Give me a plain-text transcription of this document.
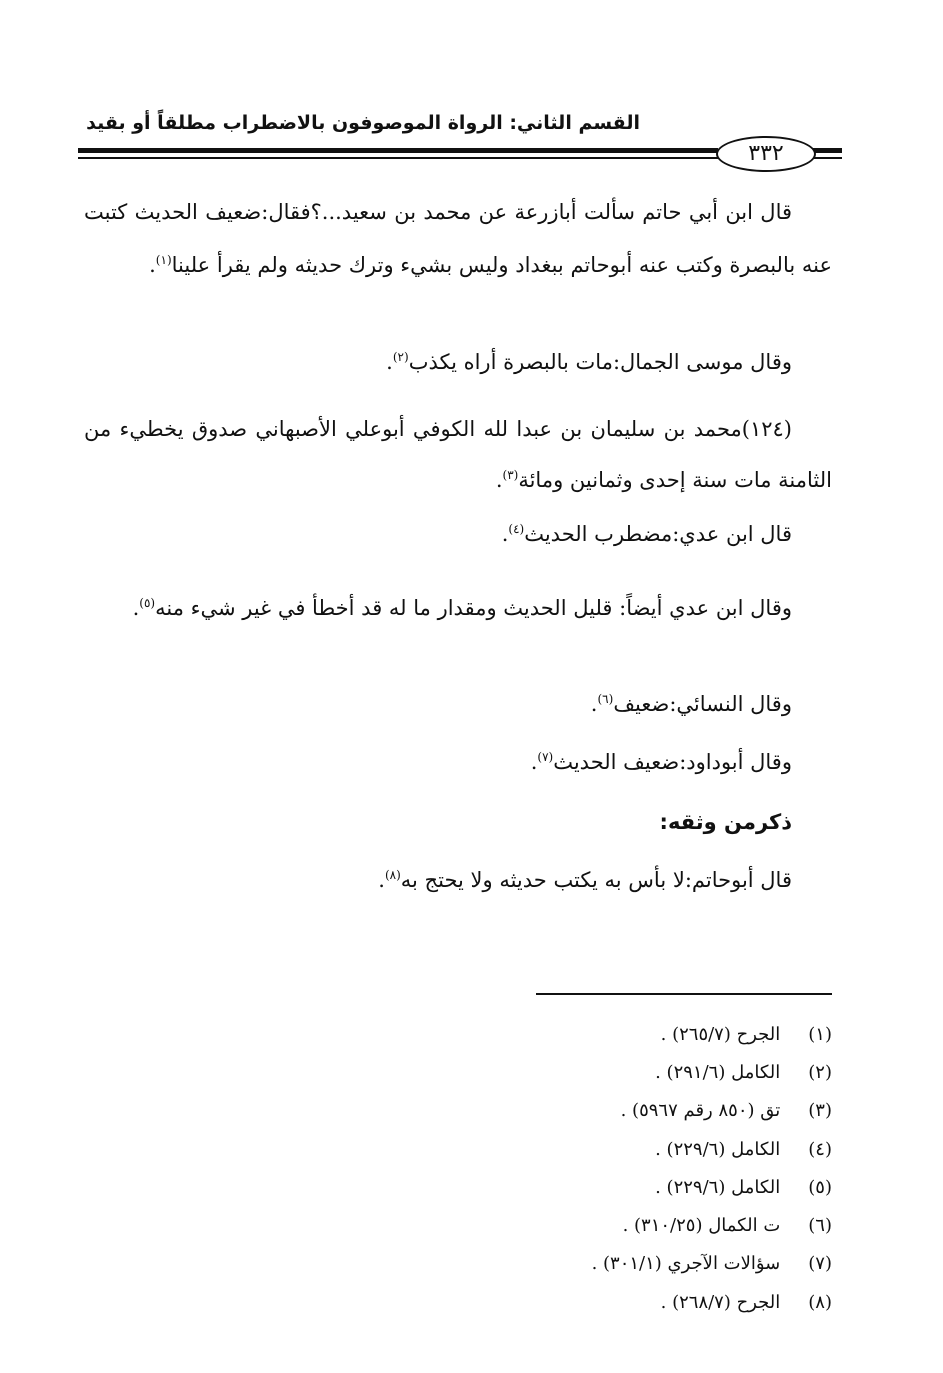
القسم الثاني: الرواة الموصوفون بالاضطراب مطلقاً أو بقيد
٣٣٢
قال ابن أبي حاتم سألت أبازرعة عن محمد بن سعيد...؟فقال:ضعيف الحديث كتبت عنه بالبصرة وكتب عنه أبوحاتم ببغداد وليس بشيء وترك حديثه ولم يقرأ علينا$^{(١)}$.
وقال موسى الجمال:مات بالبصرة أراه يكذب$^{(٢)}$.
(١٢٤)محمد بن سليمان بن عبدا لله الكوفي أبوعلي الأصبهاني صدوق يخطيء من الثامنة مات سنة إحدى وثمانين ومائة$^{(٣)}$.
قال ابن عدي:مضطرب الحديث$^{(٤)}$.
وقال ابن عدي أيضاً: قليل الحديث ومقدار ما له قد أخطأ في غير شيء منه$^{(٥)}$.
وقال النسائي:ضعيف$^{(٦)}$.
وقال أبوداود:ضعيف الحديث$^{(٧)}$.
ذكرمن وثقه:
قال أبوحاتم:لا بأس به يكتب حديثه ولا يحتج به$^{(٨)}$.
(١) الجرح (٢٦٥/٧) .
(٢) الكامل (٢٩١/٦) .
(٣) تق (٨٥٠ رقم ٥٩٦٧) .
(٤) الكامل (٢٢٩/٦) .
(٥) الكامل (٢٢٩/٦) .
(٦) ت الكمال (٣١٠/٢٥) .
(٧) سؤالات الآجري (٣٠١/١) .
(٨) الجرح (٢٦٨/٧) .
